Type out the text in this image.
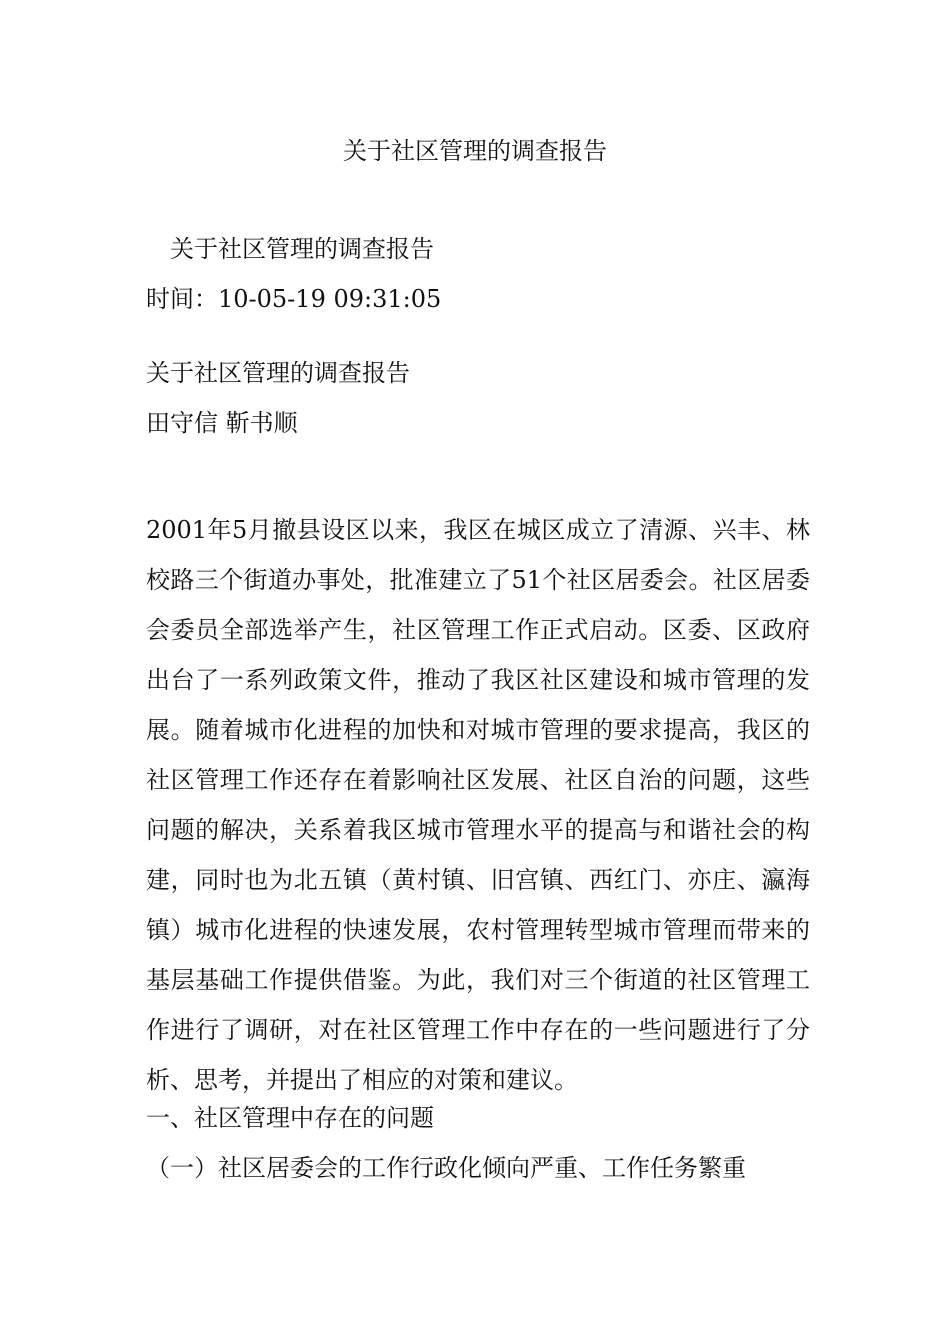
关于社区管理的调查报告
关于社区管理的调查报告
时间：10-05-19 09:31:05
关于社区管理的调查报告
田守信 靳书顺
2001年5月撤县设区以来，我区在城区成立了清源、兴丰、林校路三个街道办事处，批准建立了51个社区居委会。社区居委会委员全部选举产生，社区管理工作正式启动。区委、区政府出台了一系列政策文件，推动了我区社区建设和城市管理的发展。随着城市化进程的加快和对城市管理的要求提高，我区的社区管理工作还存在着影响社区发展、社区自治的问题，这些问题的解决，关系着我区城市管理水平的提高与和谐社会的构建，同时也为北五镇（黄村镇、旧宫镇、西红门、亦庄、瀛海镇）城市化进程的快速发展，农村管理转型城市管理而带来的基层基础工作提供借鉴。为此，我们对三个街道的社区管理工作进行了调研，对在社区管理工作中存在的一些问题进行了分析、思考，并提出了相应的对策和建议。
一、社区管理中存在的问题
（一）社区居委会的工作行政化倾向严重、工作任务繁重
